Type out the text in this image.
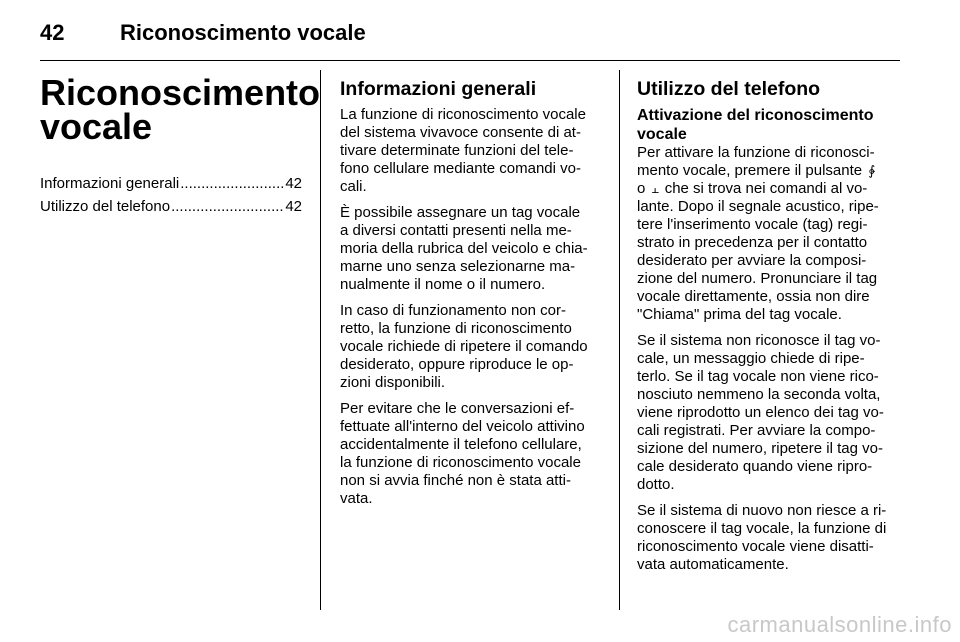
42	Riconoscimento vocale
Riconoscimento
vocale
Informazioni generali .....	42
Utilizzo del telefono .....	42
Informazioni generali

La funzione di riconoscimento vocale
del sistema vivavoce consente di at-
tivare determinate funzioni del tele-
fono cellulare mediante comandi vo-
cali.

È possibile assegnare un tag vocale
a diversi contatti presenti nella me-
moria della rubrica del veicolo e chia-
marne uno senza selezionarne ma-
nualmente il nome o il numero.

In caso di funzionamento non cor-
retto, la funzione di riconoscimento
vocale richiede di ripetere il comando
desiderato, oppure riproduce le op-
zioni disponibili.

Per evitare che le conversazioni ef-
fettuate all'interno del veicolo attivino
accidentalmente il telefono cellulare,
la funzione di riconoscimento vocale
non si avvia finché non è stata atti-
vata.

Utilizzo del telefono
Attivazione del riconoscimento
vocale

Per attivare la funzione di riconosci-
mento vocale, premere il pulsante ∳
o ⫠ che si trova nei comandi al vo-
lante. Dopo il segnale acustico, ripe-
tere l'inserimento vocale (tag) regi-
strato in precedenza per il contatto
desiderato per avviare la composi-
zione del numero. Pronunciare il tag
vocale direttamente, ossia non dire
"Chiama" prima del tag vocale.

Se il sistema non riconosce il tag vo-
cale, un messaggio chiede di ripe-
terlo. Se il tag vocale non viene rico-
nosciuto nemmeno la seconda volta,
viene riprodotto un elenco dei tag vo-
cali registrati. Per avviare la compo-
sizione del numero, ripetere il tag vo-
cale desiderato quando viene ripro-
dotto.

Se il sistema di nuovo non riesce a ri-
conoscere il tag vocale, la funzione di
riconoscimento vocale viene disatti-
vata automaticamente.

carmanualsonline.info
